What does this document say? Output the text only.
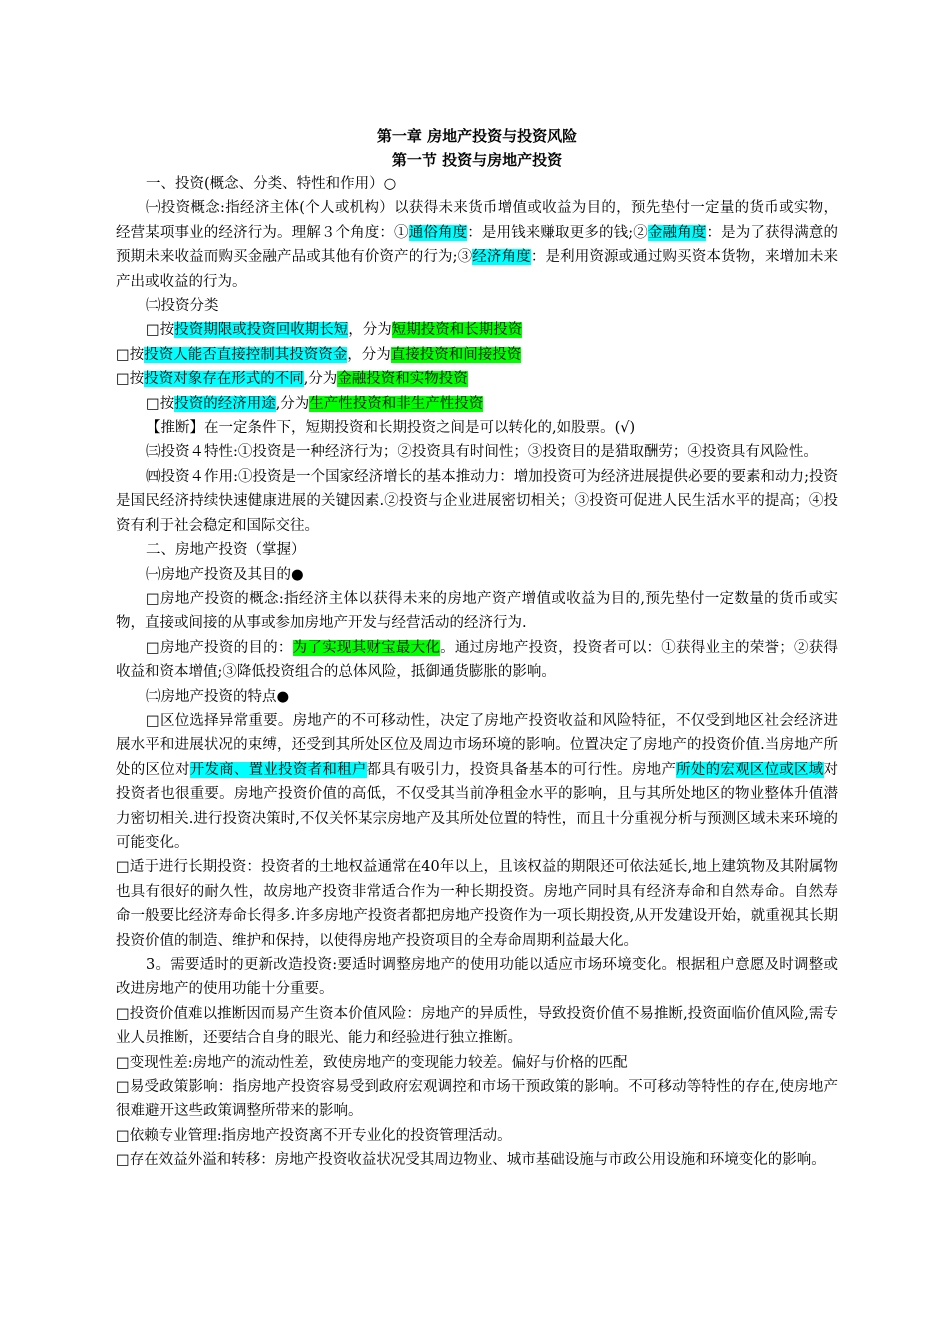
第一章 房地产投资与投资风险
第一节 投资与房地产投资

一、投资(概念、分类、特性和作用）○

㈠投资概念:指经济主体(个人或机构）以获得未来货币增值或收益为目的，预先垫付一定量的货币或实物，经营某项事业的经济行为。理解３个角度：①通俗角度：是用钱来赚取更多的钱;②金融角度：是为了获得满意的预期未来收益而购买金融产品或其他有价资产的行为;③经济角度：是利用资源或通过购买资本货物，来增加未来产出或收益的行为。

㈡投资分类

□按投资期限或投资回收期长短，分为短期投资和长期投资

□按投资人能否直接控制其投资资金，分为直接投资和间接投资

□按投资对象存在形式的不同,分为金融投资和实物投资

□按投资的经济用途,分为生产性投资和非生产性投资

【推断】在一定条件下，短期投资和长期投资之间是可以转化的,如股票。(√)

㈢投资４特性:①投资是一种经济行为；②投资具有时间性；③投资目的是猎取酬劳；④投资具有风险性。

㈣投资４作用:①投资是一个国家经济增长的基本推动力：增加投资可为经济进展提供必要的要素和动力;投资是国民经济持续快速健康进展的关键因素.②投资与企业进展密切相关；③投资可促进人民生活水平的提高；④投资有利于社会稳定和国际交往。

二、房地产投资（掌握）

㈠房地产投资及其目的●

□房地产投资的概念:指经济主体以获得未来的房地产资产增值或收益为目的,预先垫付一定数量的货币或实物，直接或间接的从事或参加房地产开发与经营活动的经济行为.

□房地产投资的目的：为了实现其财宝最大化。通过房地产投资，投资者可以：①获得业主的荣誉；②获得收益和资本增值;③降低投资组合的总体风险，抵御通货膨胀的影响。

㈡房地产投资的特点●

□区位选择异常重要。房地产的不可移动性，决定了房地产投资收益和风险特征，不仅受到地区社会经济进展水平和进展状况的束缚，还受到其所处区位及周边市场环境的影响。位置决定了房地产的投资价值.当房地产所处的区位对开发商、置业投资者和租户都具有吸引力，投资具备基本的可行性。房地产所处的宏观区位或区域对投资者也很重要。房地产投资价值的高低，不仅受其当前净租金水平的影响，且与其所处地区的物业整体升值潜力密切相关.进行投资决策时,不仅关怀某宗房地产及其所处位置的特性，而且十分重视分析与预测区域未来环境的可能变化。

□适于进行长期投资：投资者的土地权益通常在40年以上，且该权益的期限还可依法延长,地上建筑物及其附属物也具有很好的耐久性，故房地产投资非常适合作为一种长期投资。房地产同时具有经济寿命和自然寿命。自然寿命一般要比经济寿命长得多.许多房地产投资者都把房地产投资作为一项长期投资,从开发建设开始，就重视其长期投资价值的制造、维护和保持，以使得房地产投资项目的全寿命周期利益最大化。

3。需要适时的更新改造投资:要适时调整房地产的使用功能以适应市场环境变化。根据租户意愿及时调整或改进房地产的使用功能十分重要。

□投资价值难以推断因而易产生资本价值风险：房地产的异质性，导致投资价值不易推断,投资面临价值风险,需专业人员推断，还要结合自身的眼光、能力和经验进行独立推断。

□变现性差:房地产的流动性差，致使房地产的变现能力较差。偏好与价格的匹配

□易受政策影响：指房地产投资容易受到政府宏观调控和市场干预政策的影响。不可移动等特性的存在,使房地产很难避开这些政策调整所带来的影响。

□依赖专业管理:指房地产投资离不开专业化的投资管理活动。

□存在效益外溢和转移：房地产投资收益状况受其周边物业、城市基础设施与市政公用设施和环境变化的影响。
